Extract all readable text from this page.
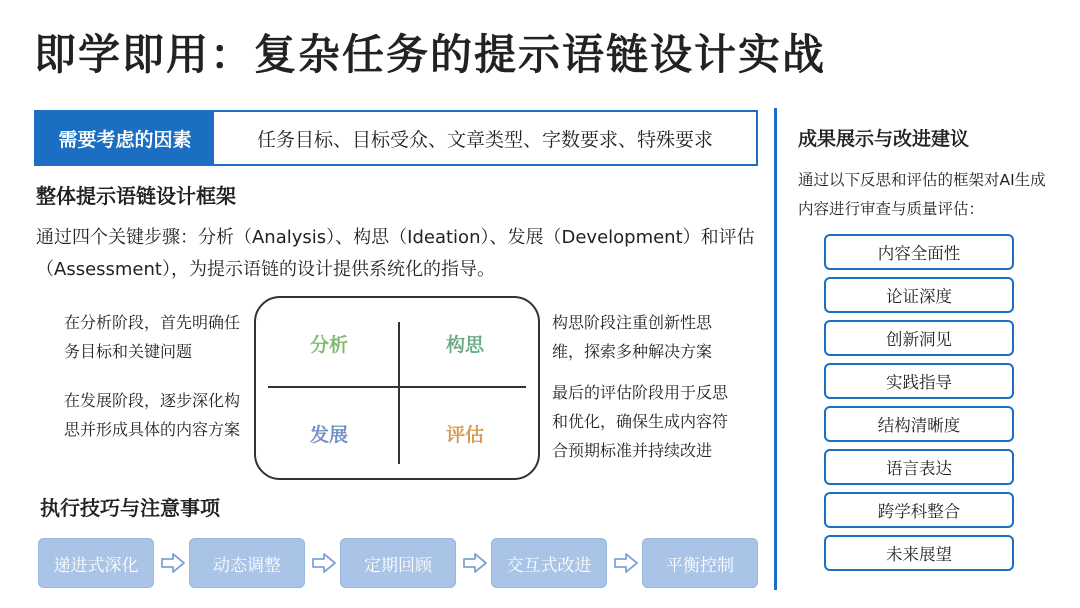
即学即用：复杂任务的提示语链设计实战
需要考虑的因素	任务目标、目标受众、文章类型、字数要求、特殊要求
整体提示语链设计框架
通过四个关键步骤：分析（Analysis）、构思（Ideation）、发展（Development）和评估（Assessment），为提示语链的设计提供系统化的指导。
在分析阶段，首先明确任务目标和关键问题
在发展阶段，逐步深化构思并形成具体的内容方案
构思阶段注重创新性思维，探索多种解决方案
最后的评估阶段用于反思和优化，确保生成内容符合预期标准并持续改进
分析	构思
发展	评估
执行技巧与注意事项
递进式深化	动态调整	定期回顾	交互式改进	平衡控制
成果展示与改进建议
通过以下反思和评估的框架对AI生成内容进行审查与质量评估：
内容全面性
论证深度
创新洞见
实践指导
结构清晰度
语言表达
跨学科整合
未来展望
